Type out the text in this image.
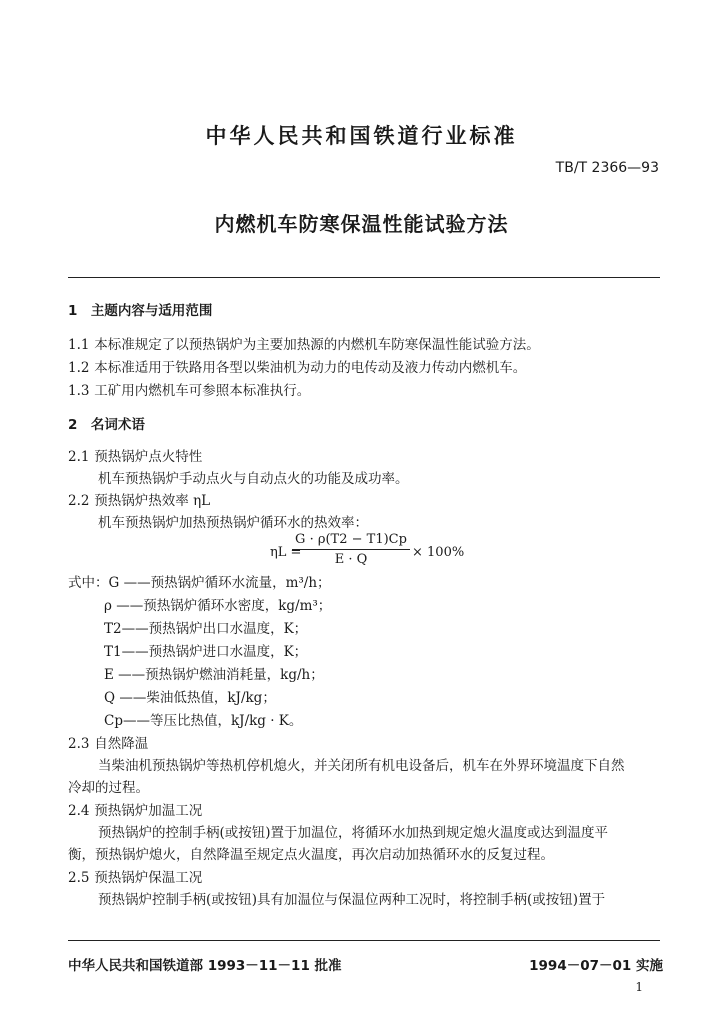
中华人民共和国铁道行业标准
TB/T 2366—93
内燃机车防寒保温性能试验方法
1　主题内容与适用范围
1.1 本标准规定了以预热锅炉为主要加热源的内燃机车防寒保温性能试验方法。
1.2 本标准适用于铁路用各型以柴油机为动力的电传动及液力传动内燃机车。
1.3 工矿用内燃机车可参照本标准执行。
2　名词术语
2.1 预热锅炉点火特性
机车预热锅炉手动点火与自动点火的功能及成功率。
2.2 预热锅炉热效率 ηL
机车预热锅炉加热预热锅炉循环水的热效率：
ηL =
$\frac{G \cdot \rho(T2 - T1)Cp}{E \cdot Q} \times 100\%$
式中：G ——预热锅炉循环水流量，m³/h；
ρ ——预热锅炉循环水密度，kg/m³；
T2——预热锅炉出口水温度，K；
T1——预热锅炉进口水温度，K；
E ——预热锅炉燃油消耗量，kg/h；
Q ——柴油低热值，kJ/kg；
Cp——等压比热值，kJ/kg · K。
2.3 自然降温
当柴油机预热锅炉等热机停机熄火，并关闭所有机电设备后，机车在外界环境温度下自然
冷却的过程。
2.4 预热锅炉加温工况
预热锅炉的控制手柄(或按钮)置于加温位，将循环水加热到规定熄火温度或达到温度平
衡，预热锅炉熄火，自然降温至规定点火温度，再次启动加热循环水的反复过程。
2.5 预热锅炉保温工况
预热锅炉控制手柄(或按钮)具有加温位与保温位两种工况时，将控制手柄(或按钮)置于
中华人民共和国铁道部 1993－11－11 批准	1994－07－01 实施
1
